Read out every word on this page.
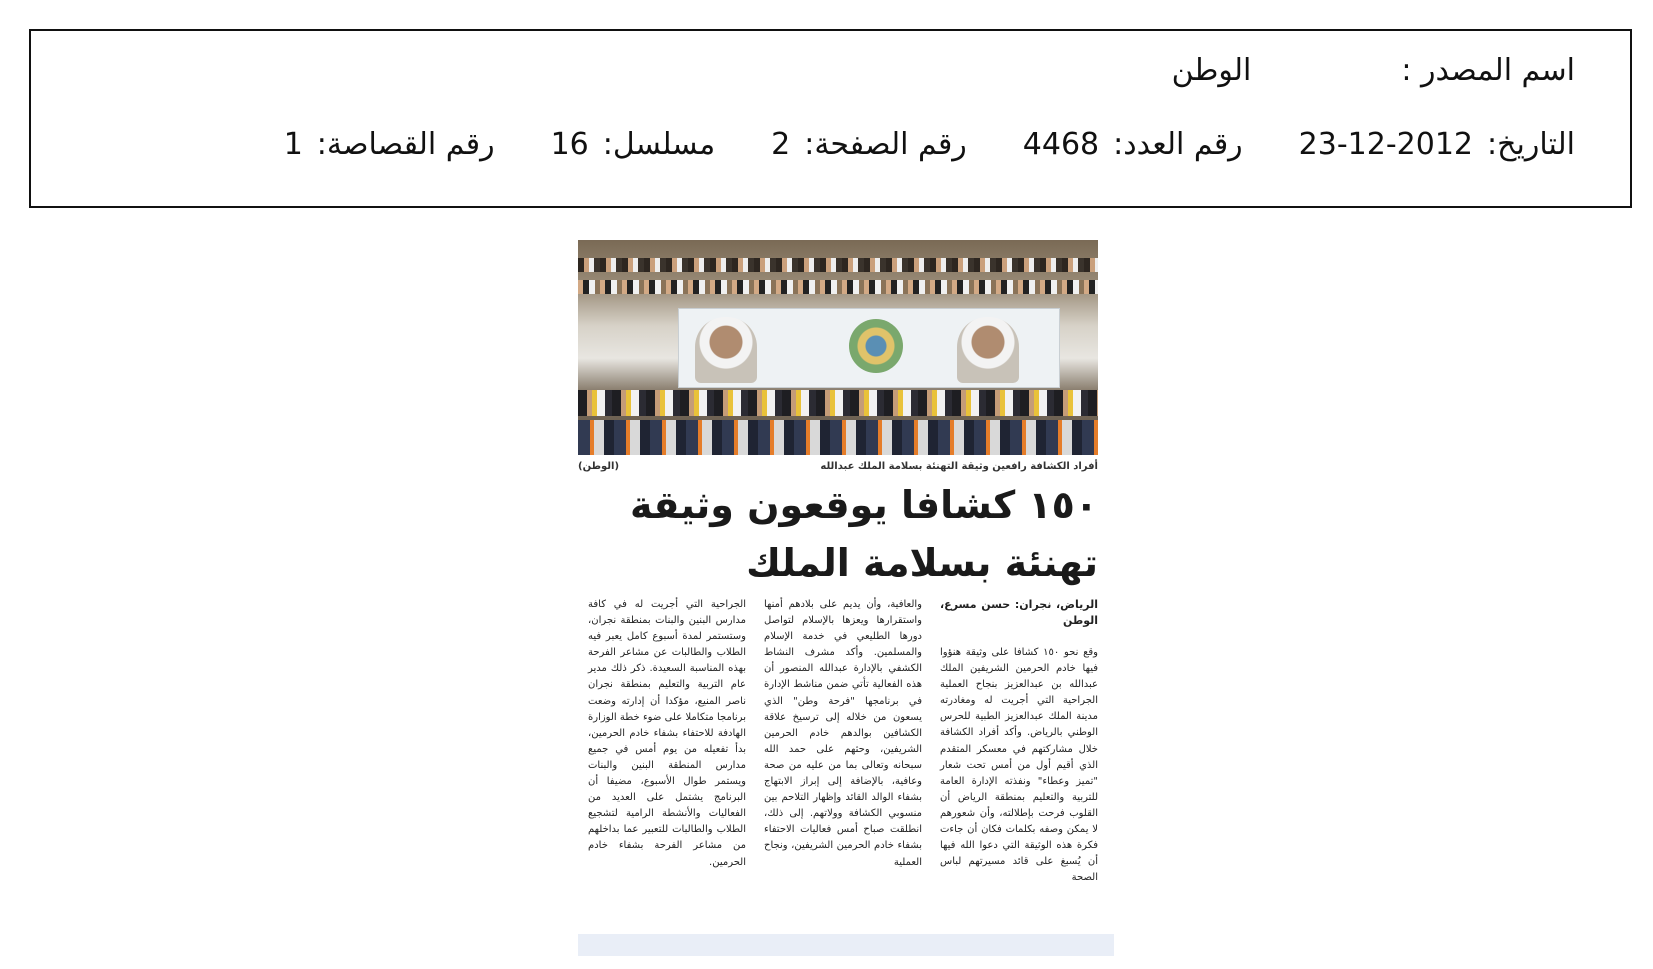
اسم المصدر :الوطن
التاريخ:23-12-2012رقم العدد:4468رقم الصفحة:2مسلسل:16رقم القصاصة:1
أفراد الكشافة رافعين وثيقة التهنئة بسلامة الملك عبدالله
(الوطن)
١٥٠ كشافا يوقعون وثيقة
تهنئة بسلامة الملك

الرياض، نجران: حسن مسرع، الوطن

وقع نحو ١٥٠ كشافا على وثيقة هنؤوا فيها خادم الحرمين الشريفين الملك عبدالله بن عبدالعزيز بنجاح العملية الجراحية التي أجريت له ومغادرته مدينة الملك عبدالعزيز الطبية للحرس الوطني بالرياض. وأكد أفراد الكشافة خلال مشاركتهم في معسكر المتقدم الذي أقيم أول من أمس تحت شعار "تميز وعطاء" ونفذته الإدارة العامة للتربية والتعليم بمنطقة الرياض أن القلوب فرحت بإطلالته، وأن شعورهم لا يمكن وصفه بكلمات فكان أن جاءت فكرة هذه الوثيقة التي دعوا الله فيها أن يُسبغ على قائد مسيرتهم لباس الصحة

والعافية، وأن يديم على بلادهم أمنها واستقرارها ويعزها بالإسلام لتواصل دورها الطليعي في خدمة الإسلام والمسلمين. وأكد مشرف النشاط الكشفي بالإدارة عبدالله المنصور أن هذه الفعالية تأتي ضمن مناشط الإدارة في برنامجها "فرحة وطن" الذي يسعون من خلاله إلى ترسيخ علاقة الكشافين بوالدهم خادم الحرمين الشريفين، وحثهم على حمد الله سبحانه وتعالى بما من عليه من صحة وعافية، بالإضافة إلى إبراز الابتهاج بشفاء الوالد القائد وإظهار التلاحم بين منسوبي الكشافة وولاتهم. إلى ذلك، انطلقت صباح أمس فعاليات الاحتفاء بشفاء خادم الحرمين الشريفين، ونجاح العملية

الجراحية التي أجريت له في كافة مدارس البنين والبنات بمنطقة نجران، وستستمر لمدة أسبوع كامل يعبر فيه الطلاب والطالبات عن مشاعر الفرحة بهذه المناسبة السعيدة. ذكر ذلك مدير عام التربية والتعليم بمنطقة نجران ناصر المنيع، مؤكدا أن إدارته وضعت برنامجا متكاملا على ضوء خطة الوزارة الهادفة للاحتفاء بشفاء خادم الحرمين، بدأ تفعيله من يوم أمس في جميع مدارس المنطقة البنين والبنات ويستمر طوال الأسبوع، مضيفا أن البرنامج يشتمل على العديد من الفعاليات والأنشطة الرامية لتشجيع الطلاب والطالبات للتعبير عما بداخلهم من مشاعر الفرحة بشفاء خادم الحرمين.
